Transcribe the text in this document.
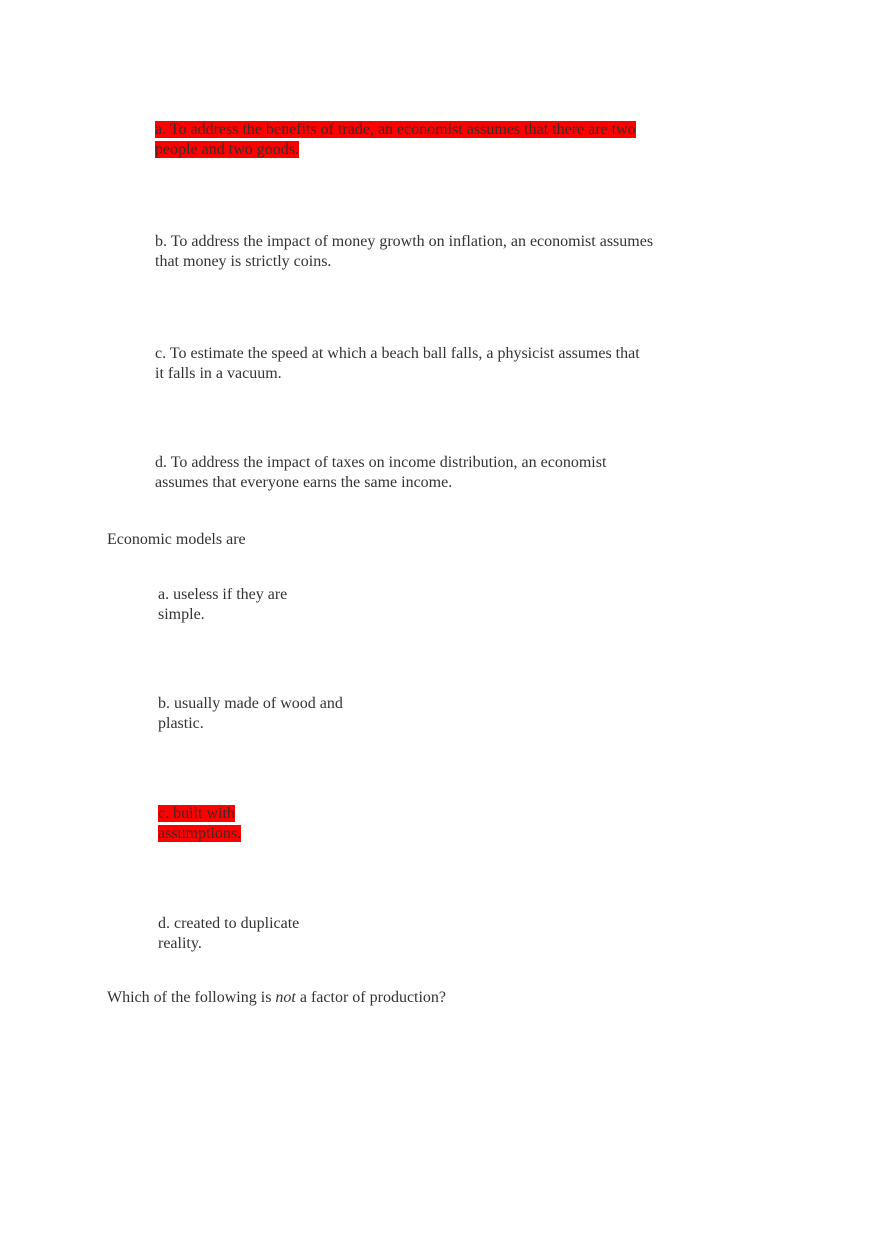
a. To address the benefits of trade, an economist assumes that there are two
people and two goods.
b. To address the impact of money growth on inflation, an economist assumes
that money is strictly coins.
c. To estimate the speed at which a beach ball falls, a physicist assumes that
it falls in a vacuum.
d. To address the impact of taxes on income distribution, an economist
assumes that everyone earns the same income.

Economic models are

a. useless if they are
simple.
b. usually made of wood and
plastic.
c. built with
assumptions.
d. created to duplicate
reality.

Which of the following is not a factor of production?
